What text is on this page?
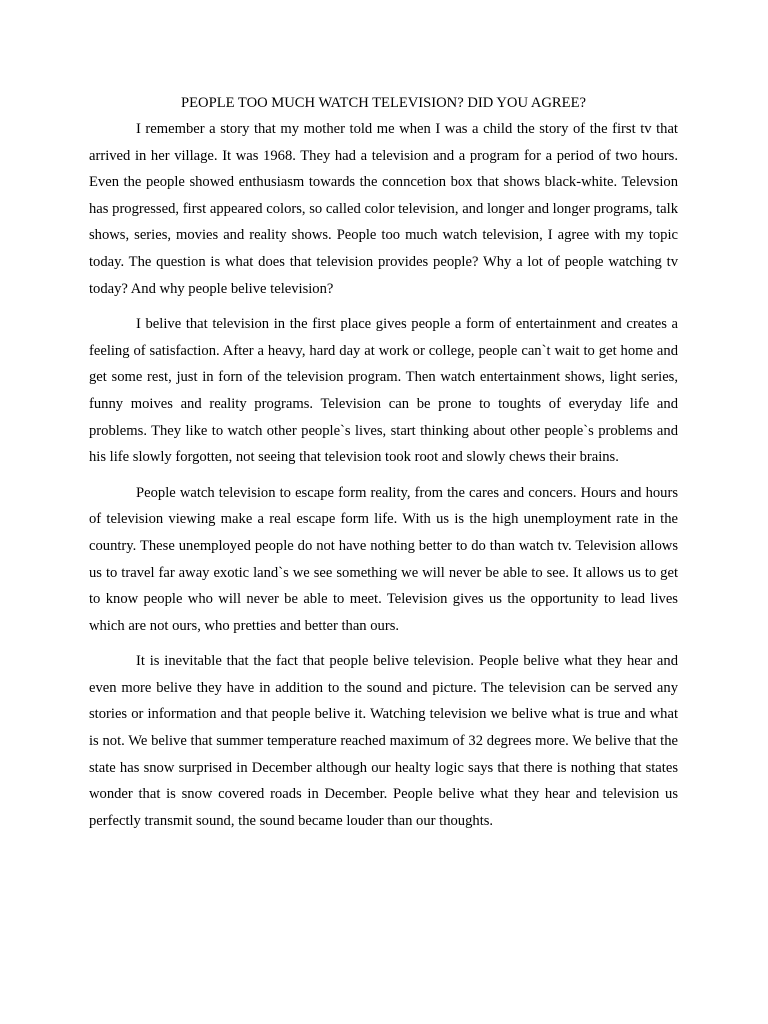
PEOPLE TOO MUCH WATCH TELEVISION? DID YOU AGREE?

I remember a story that my mother told me when I was a child the story of the first tv that arrived in her village. It was 1968. They had a television and a program for a period of two hours. Even the people showed enthusiasm towards the conncetion box that shows black-white. Televsion has progressed, first appeared colors, so called color television, and longer and longer programs, talk shows, series, movies and reality shows. People too much watch television, I agree with my topic today. The question is what does that television provides people? Why a lot of people watching tv today? And why people belive television?

I belive that television in the first place gives people a form of entertainment and creates a feeling of satisfaction. After a heavy, hard day at work or college, people can`t wait to get home and get some rest, just in forn of the television program. Then watch entertainment shows, light series, funny moives and reality programs. Television can be prone to toughts of everyday life and problems. They like to watch other people`s lives, start thinking about other people`s problems and his life slowly forgotten, not seeing that television took root and slowly chews their brains.

People watch television to escape form reality, from the cares and concers. Hours and hours of television viewing make a real escape form life. With us is the high unemployment rate in the country. These unemployed people do not have nothing better to do than watch tv. Television allows us to travel far away exotic land`s we see something we will never be able to see. It allows us to get to know people who will never be able to meet. Television gives us the opportunity to lead lives which are not ours, who pretties and better than ours.

It is inevitable that the fact that people belive television. People belive what they hear and even more belive they have in addition to the sound and picture. The television can be served any stories or information and that people belive it. Watching television we belive what is true and what is not. We belive that summer temperature reached maximum of 32 degrees more. We belive that the state has snow surprised in December although our healty logic says that there is nothing that states wonder that is snow covered roads in December. People belive what they hear and television us perfectly transmit sound, the sound became louder than our thoughts.
